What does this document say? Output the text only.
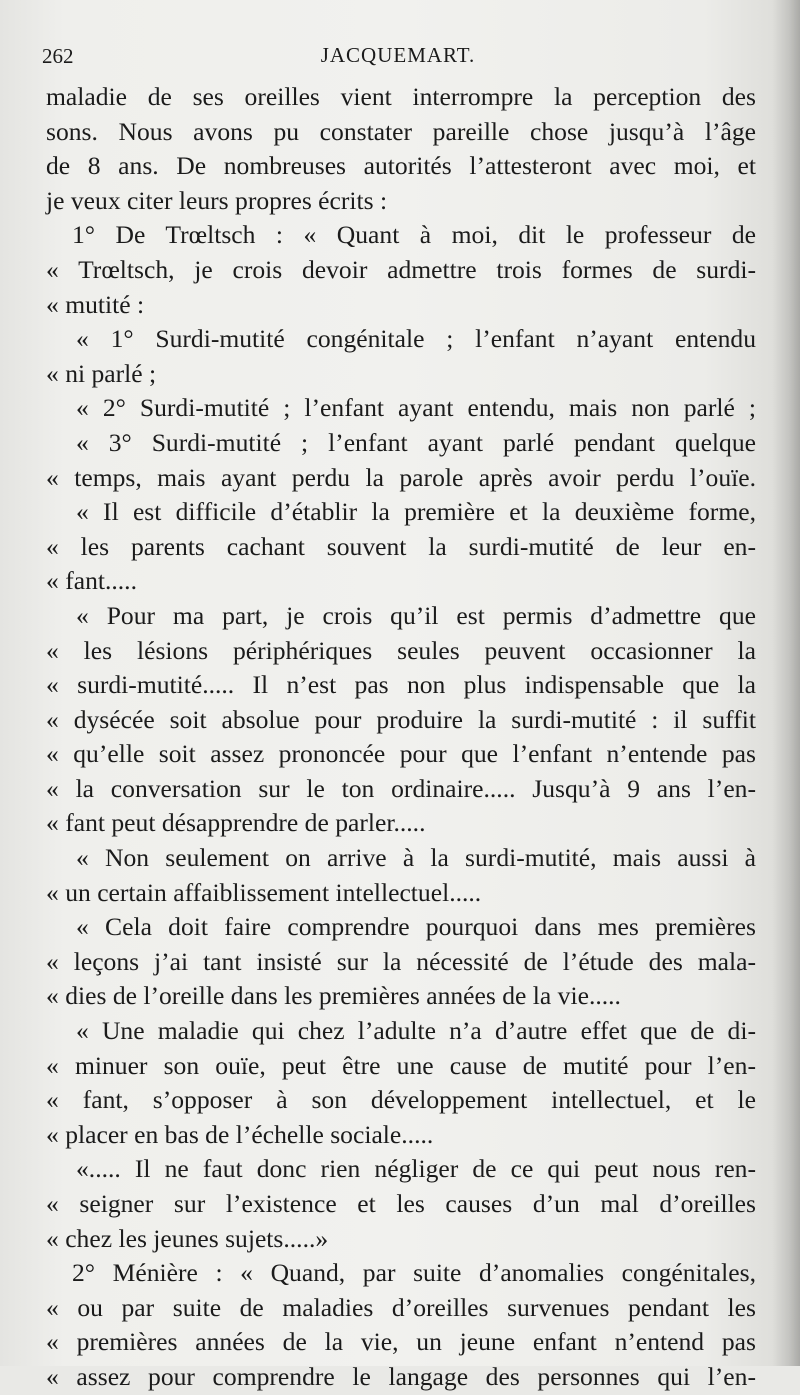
262	JACQUEMART.
maladie de ses oreilles vient interrompre la perception des
sons. Nous avons pu constater pareille chose jusqu’à l’âge
de 8 ans. De nombreuses autorités l’attesteront avec moi, et
je veux citer leurs propres écrits :
1° De Trœltsch : « Quant à moi, dit le professeur de
« Trœltsch, je crois devoir admettre trois formes de surdi-
« mutité :
« 1° Surdi-mutité congénitale ; l’enfant n’ayant entendu
« ni parlé ;
« 2° Surdi-mutité ; l’enfant ayant entendu, mais non parlé ;
« 3° Surdi-mutité ; l’enfant ayant parlé pendant quelque
« temps, mais ayant perdu la parole après avoir perdu l’ouïe.
« Il est difficile d’établir la première et la deuxième forme,
« les parents cachant souvent la surdi-mutité de leur en-
« fant.....
« Pour ma part, je crois qu’il est permis d’admettre que
« les lésions périphériques seules peuvent occasionner la
« surdi-mutité..... Il n’est pas non plus indispensable que la
« dysécée soit absolue pour produire la surdi-mutité : il suffit
« qu’elle soit assez prononcée pour que l’enfant n’entende pas
« la conversation sur le ton ordinaire..... Jusqu’à 9 ans l’en-
« fant peut désapprendre de parler.....
« Non seulement on arrive à la surdi-mutité, mais aussi à
« un certain affaiblissement intellectuel.....
« Cela doit faire comprendre pourquoi dans mes premières
« leçons j’ai tant insisté sur la nécessité de l’étude des mala-
« dies de l’oreille dans les premières années de la vie.....
« Une maladie qui chez l’adulte n’a d’autre effet que de di-
« minuer son ouïe, peut être une cause de mutité pour l’en-
« fant, s’opposer à son développement intellectuel, et le
« placer en bas de l’échelle sociale.....
«..... Il ne faut donc rien négliger de ce qui peut nous ren-
« seigner sur l’existence et les causes d’un mal d’oreilles
« chez les jeunes sujets.....»
2° Ménière : « Quand, par suite d’anomalies congénitales,
« ou par suite de maladies d’oreilles survenues pendant les
« premières années de la vie, un jeune enfant n’entend pas
« assez pour comprendre le langage des personnes qui l’en-
